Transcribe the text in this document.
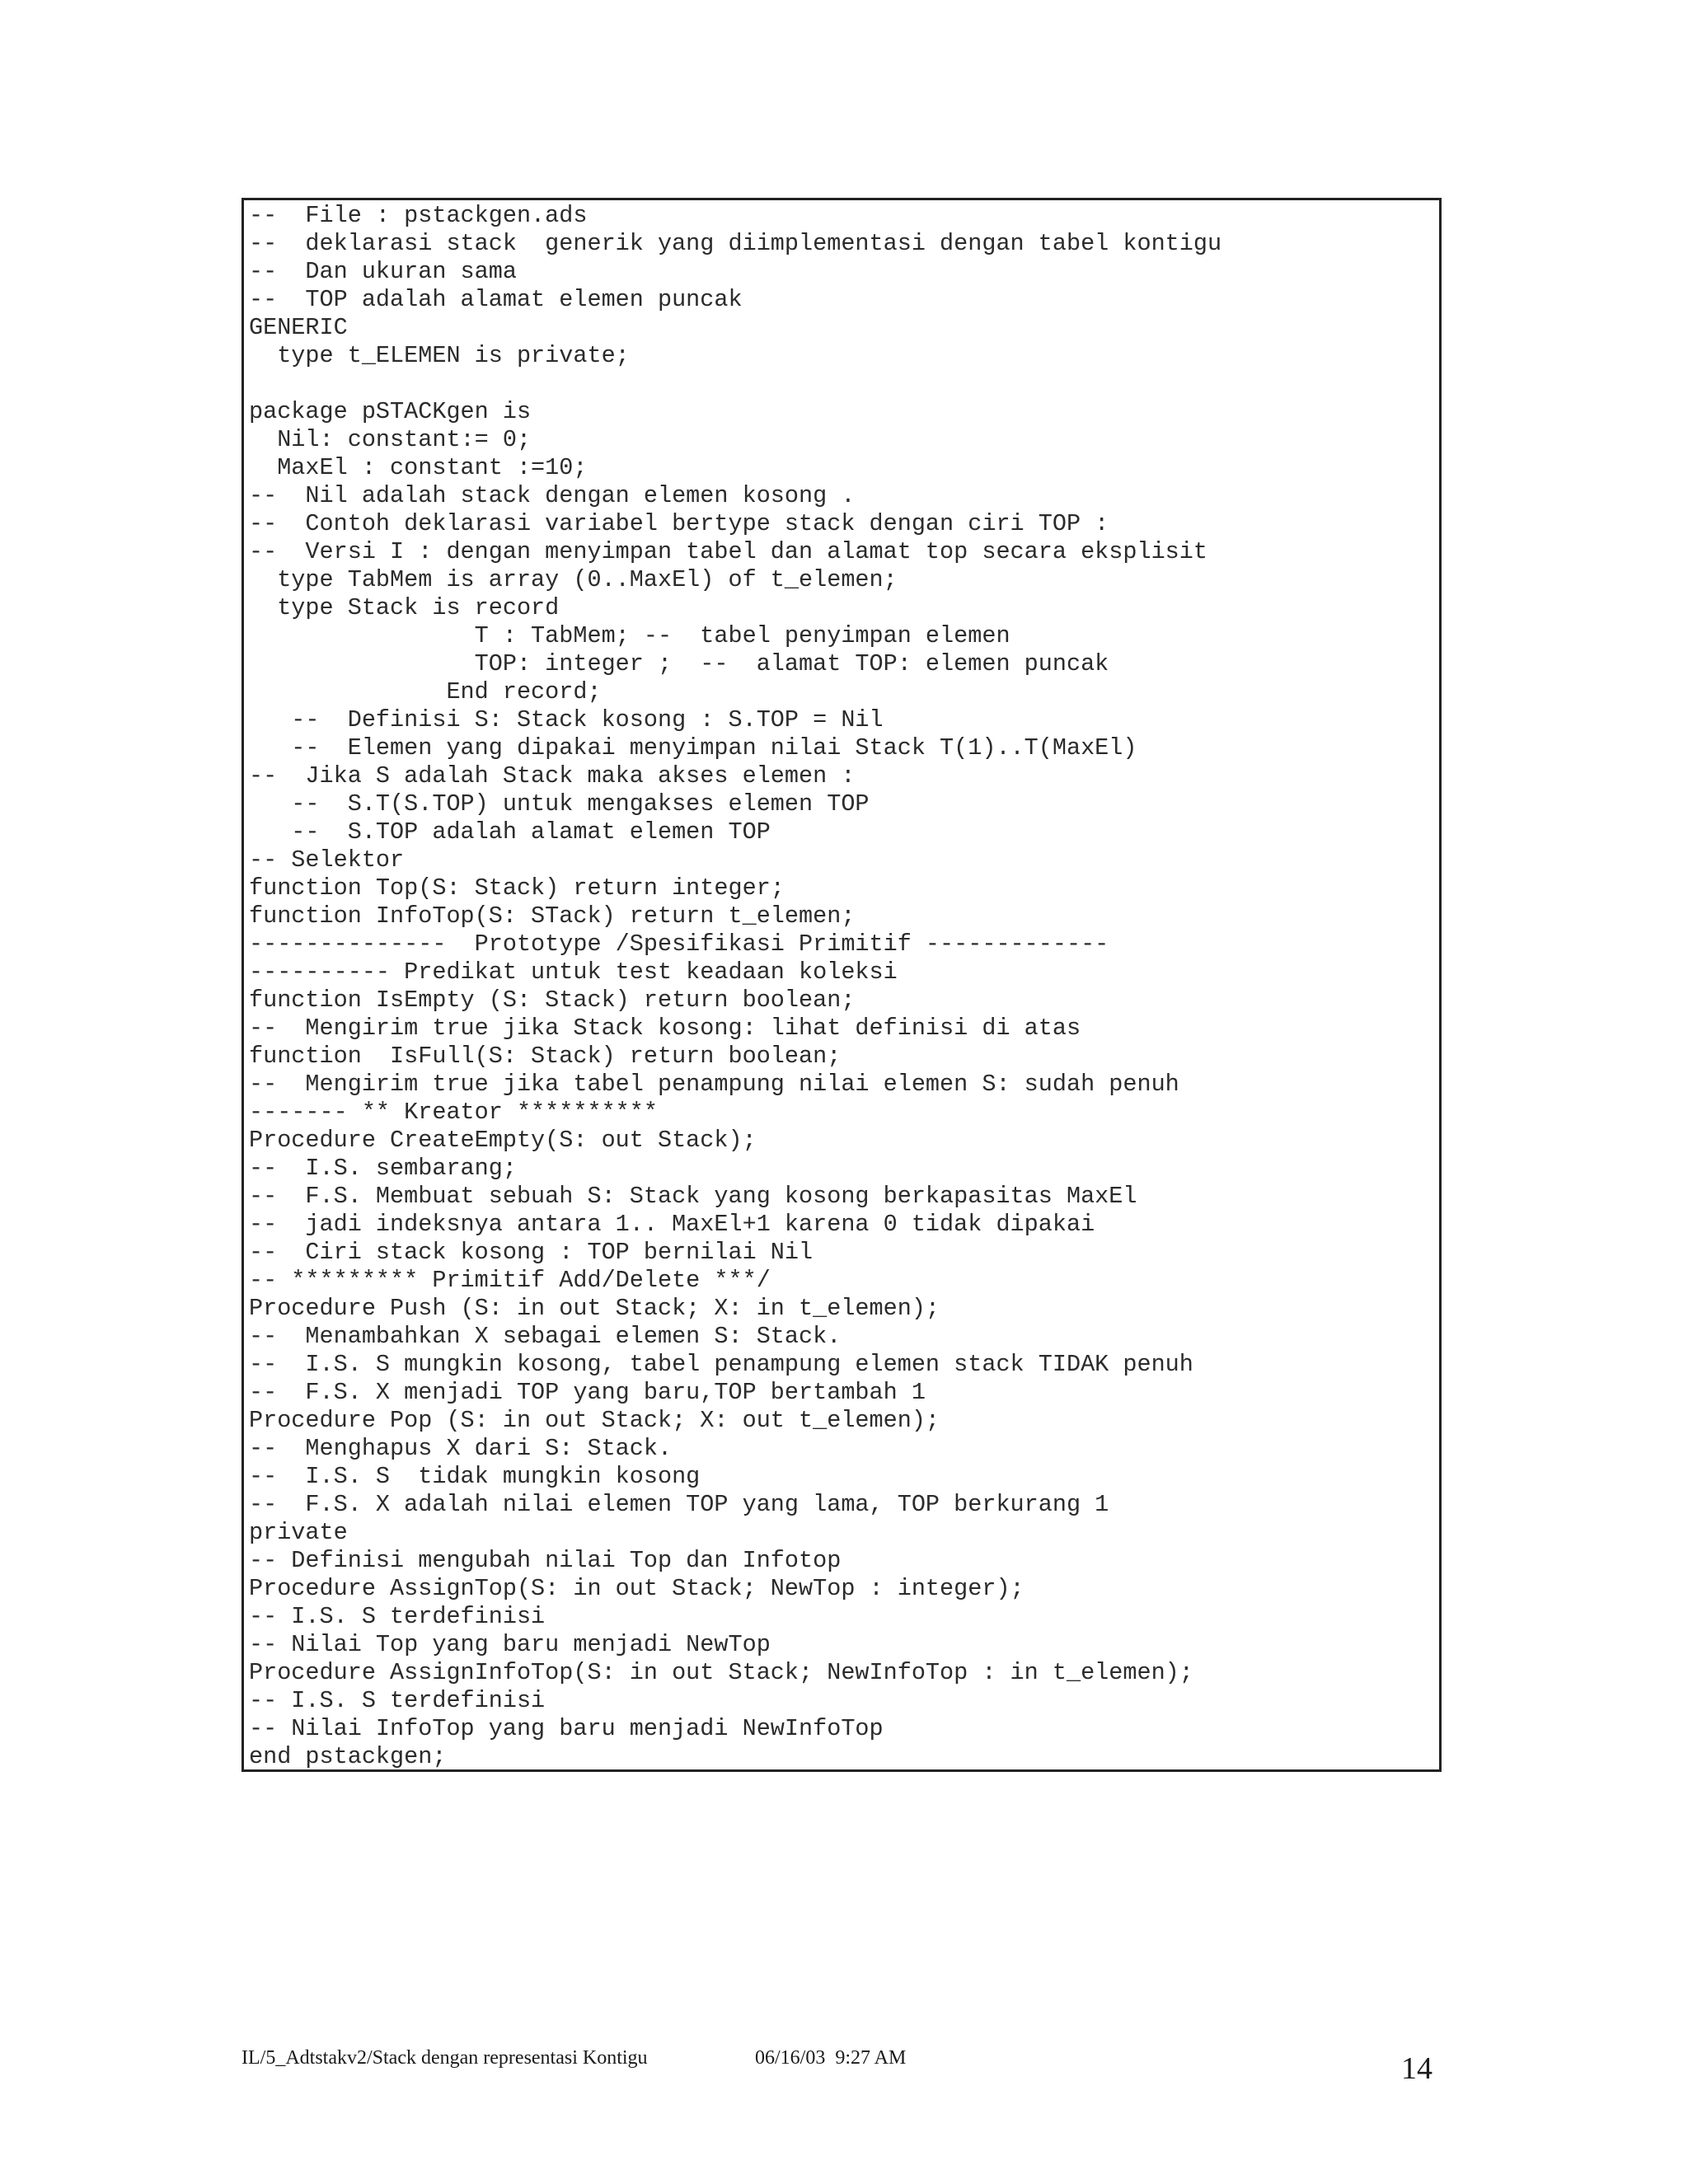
--  File : pstackgen.ads
--  deklarasi stack  generik yang diimplementasi dengan tabel kontigu
--  Dan ukuran sama
--  TOP adalah alamat elemen puncak
GENERIC
type t_ELEMEN is private;
package pSTACKgen is
Nil: constant:= 0;
MaxEl : constant :=10;
--  Nil adalah stack dengan elemen kosong .
--  Contoh deklarasi variabel bertype stack dengan ciri TOP :
--  Versi I : dengan menyimpan tabel dan alamat top secara eksplisit
type TabMem is array (0..MaxEl) of t_elemen;
type Stack is record
T : TabMem; --  tabel penyimpan elemen
TOP: integer ;  --  alamat TOP: elemen puncak
End record;
--  Definisi S: Stack kosong : S.TOP = Nil
--  Elemen yang dipakai menyimpan nilai Stack T(1)..T(MaxEl)
--  Jika S adalah Stack maka akses elemen :
--  S.T(S.TOP) untuk mengakses elemen TOP
--  S.TOP adalah alamat elemen TOP
-- Selektor
function Top(S: Stack) return integer;
function InfoTop(S: STack) return t_elemen;
--------------  Prototype /Spesifikasi Primitif -------------
---------- Predikat untuk test keadaan koleksi
function IsEmpty (S: Stack) return boolean;
--  Mengirim true jika Stack kosong: lihat definisi di atas
function  IsFull(S: Stack) return boolean;
--  Mengirim true jika tabel penampung nilai elemen S: sudah penuh
------- ** Kreator **********
Procedure CreateEmpty(S: out Stack);
--  I.S. sembarang;
--  F.S. Membuat sebuah S: Stack yang kosong berkapasitas MaxEl
--  jadi indeksnya antara 1.. MaxEl+1 karena 0 tidak dipakai
--  Ciri stack kosong : TOP bernilai Nil
-- ********* Primitif Add/Delete ***/
Procedure Push (S: in out Stack; X: in t_elemen);
--  Menambahkan X sebagai elemen S: Stack.
--  I.S. S mungkin kosong, tabel penampung elemen stack TIDAK penuh
--  F.S. X menjadi TOP yang baru,TOP bertambah 1
Procedure Pop (S: in out Stack; X: out t_elemen);
--  Menghapus X dari S: Stack.
--  I.S. S  tidak mungkin kosong
--  F.S. X adalah nilai elemen TOP yang lama, TOP berkurang 1
private
-- Definisi mengubah nilai Top dan Infotop
Procedure AssignTop(S: in out Stack; NewTop : integer);
-- I.S. S terdefinisi
-- Nilai Top yang baru menjadi NewTop
Procedure AssignInfoTop(S: in out Stack; NewInfoTop : in t_elemen);
-- I.S. S terdefinisi
-- Nilai InfoTop yang baru menjadi NewInfoTop
end pstackgen;
IL/5_Adtstakv2/Stack dengan representasi Kontigu	06/16/03  9:27 AM	14
